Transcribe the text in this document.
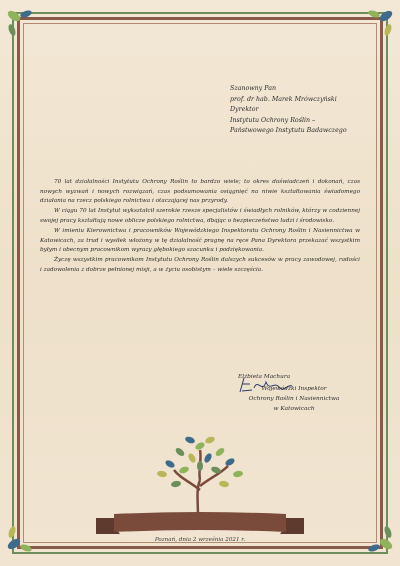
Szanowny Pan
prof. dr hab. Marek Mrówczyński
Dyrektor
Instytutu Ochrony Roślin –
Państwowego Instytutu Badawczego

70 lat działalności Instytutu Ochrony Roślin to bardzo wiele; to okres doświadczeń i dokonań, czas nowych wyzwań i nowych rozwiązań, czas podsumowania osiągnięć na niwie kształtowania świadomego działania na rzecz polskiego rolnictwa i otaczającej nas przyrody.

W ciągu 70 lat Instytut wykształcił szerokie rzesze specjalistów i świadłych rolników, którzy w codziennej swojej pracy kształtują nowe oblicze polskiego rolnictwa, dbając o bezpieczeństwo ludzi i środowisko.

W imieniu Kierownictwa i pracowników Wojewódzkiego Inspektoratu Ochrony Roślin i Nasiennictwa w Katowicach, za trud i wysiłek włożony w tę działalność pragnę na ręce Pana Dyrektora przekazać wszystkim byłym i obecnym pracownikom wyrazy głębokiego szacunku i podziękowania.

Życzę wszystkim pracownikom Instytutu Ochrony Roślin dalszych sukcesów w pracy zawodowej, radości i zadowolenia z dobrze pełnionej misji, a w życiu osobistym – wiele szczęścia.

Elżbieta Machura
Wojewódzki Inspektor
Ochrony Roślin i Nasiennictwa
w Katowicach
Poznań, dnia 2 września 2021 r.
